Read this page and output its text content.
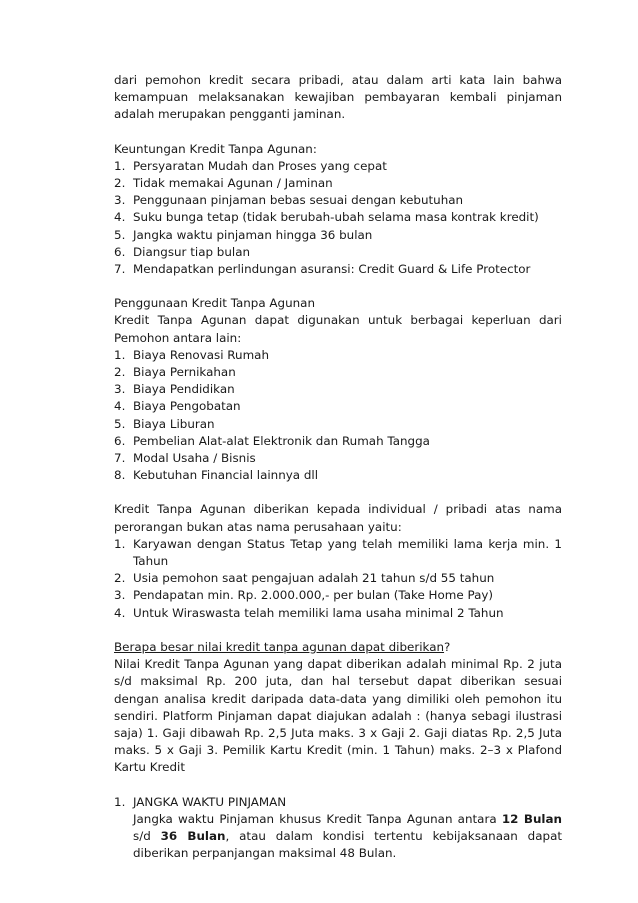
dari pemohon kredit secara pribadi, atau dalam arti kata lain bahwa kemampuan melaksanakan kewajiban pembayaran kembali pinjaman adalah merupakan pengganti jaminan.

Keuntungan Kredit Tanpa Agunan:

1. Persyaratan Mudah dan Proses yang cepat
2. Tidak memakai Agunan / Jaminan
3. Penggunaan pinjaman bebas sesuai dengan kebutuhan
4. Suku bunga tetap (tidak berubah-ubah selama masa kontrak kredit)
5. Jangka waktu pinjaman hingga 36 bulan
6. Diangsur tiap bulan
7. Mendapatkan perlindungan asuransi: Credit Guard & Life Protector

Penggunaan Kredit Tanpa Agunan

Kredit Tanpa Agunan dapat digunakan untuk berbagai keperluan dari Pemohon antara lain:

1. Biaya Renovasi Rumah
2. Biaya Pernikahan
3. Biaya Pendidikan
4. Biaya Pengobatan
5. Biaya Liburan
6. Pembelian Alat-alat Elektronik dan Rumah Tangga
7. Modal Usaha / Bisnis
8. Kebutuhan Financial lainnya dll

Kredit Tanpa Agunan diberikan kepada individual / pribadi atas nama perorangan bukan atas nama perusahaan yaitu:

1. Karyawan dengan Status Tetap yang telah memiliki lama kerja min. 1 Tahun
2. Usia pemohon saat pengajuan adalah 21 tahun s/d 55 tahun
3. Pendapatan min. Rp. 2.000.000,- per bulan (Take Home Pay)
4. Untuk Wiraswasta telah memiliki lama usaha minimal 2 Tahun

Berapa besar nilai kredit tanpa agunan dapat diberikan?

Nilai Kredit Tanpa Agunan yang dapat diberikan adalah minimal Rp. 2 juta s/d maksimal Rp. 200 juta, dan hal tersebut dapat diberikan sesuai dengan analisa kredit daripada data-data yang dimiliki oleh pemohon itu sendiri. Platform Pinjaman dapat diajukan adalah : (hanya sebagi ilustrasi saja) 1. Gaji dibawah Rp. 2,5 Juta maks. 3 x Gaji 2. Gaji diatas Rp. 2,5 Juta maks. 5 x Gaji 3. Pemilik Kartu Kredit (min. 1 Tahun) maks. 2–3 x Plafond Kartu Kredit

1. JANGKA WAKTU PINJAMAN

Jangka waktu Pinjaman khusus Kredit Tanpa Agunan antara 12 Bulan s/d 36 Bulan, atau dalam kondisi tertentu kebijaksanaan dapat diberikan perpanjangan maksimal 48 Bulan.
